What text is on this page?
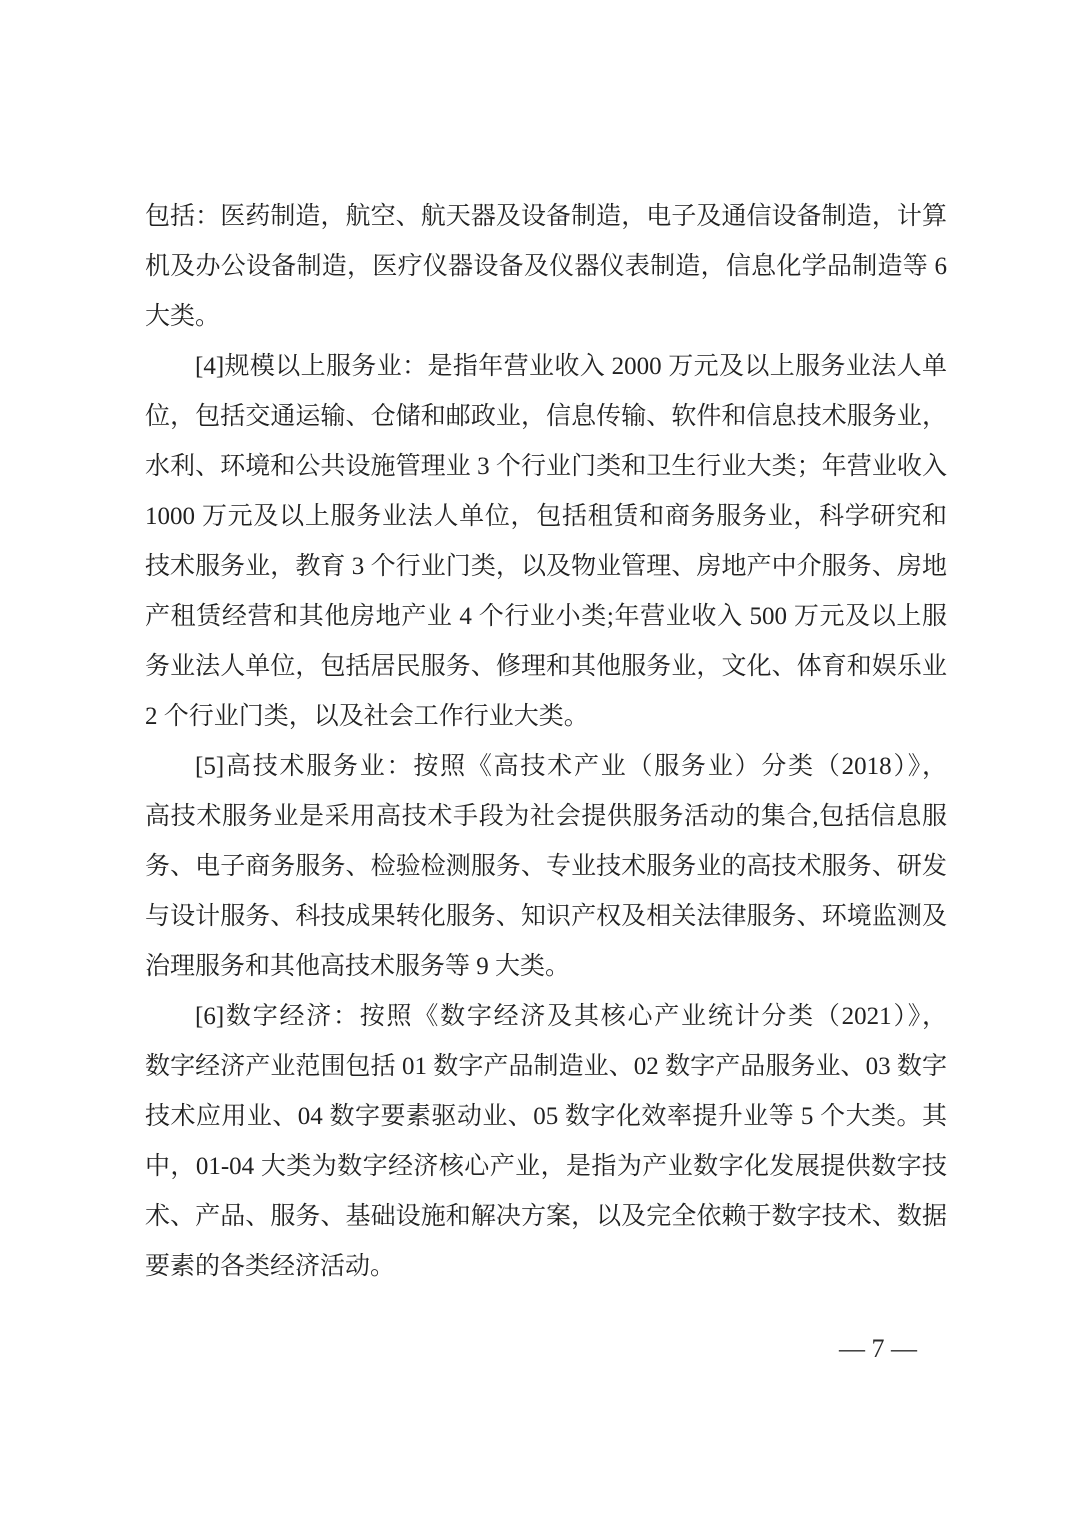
包括：医药制造，航空、航天器及设备制造，电子及通信设备制造，计算
机及办公设备制造，医疗仪器设备及仪器仪表制造，信息化学品制造等 6
大类。
[4]规模以上服务业：是指年营业收入 2000 万元及以上服务业法人单
位，包括交通运输、仓储和邮政业，信息传输、软件和信息技术服务业，
水利、环境和公共设施管理业 3 个行业门类和卫生行业大类；年营业收入
1000 万元及以上服务业法人单位，包括租赁和商务服务业，科学研究和
技术服务业，教育 3 个行业门类，以及物业管理、房地产中介服务、房地
产租赁经营和其他房地产业 4 个行业小类;年营业收入 500 万元及以上服
务业法人单位，包括居民服务、修理和其他服务业，文化、体育和娱乐业
2 个行业门类，以及社会工作行业大类。
[5]高技术服务业：按照《高技术产业（服务业）分类（2018）》，
高技术服务业是采用高技术手段为社会提供服务活动的集合,包括信息服
务、电子商务服务、检验检测服务、专业技术服务业的高技术服务、研发
与设计服务、科技成果转化服务、知识产权及相关法律服务、环境监测及
治理服务和其他高技术服务等 9 大类。
[6]数字经济：按照《数字经济及其核心产业统计分类（2021）》，
数字经济产业范围包括 01 数字产品制造业、02 数字产品服务业、03 数字
技术应用业、04 数字要素驱动业、05 数字化效率提升业等 5 个大类。其
中，01-04 大类为数字经济核心产业，是指为产业数字化发展提供数字技
术、产品、服务、基础设施和解决方案，以及完全依赖于数字技术、数据
要素的各类经济活动。
— 7 —
